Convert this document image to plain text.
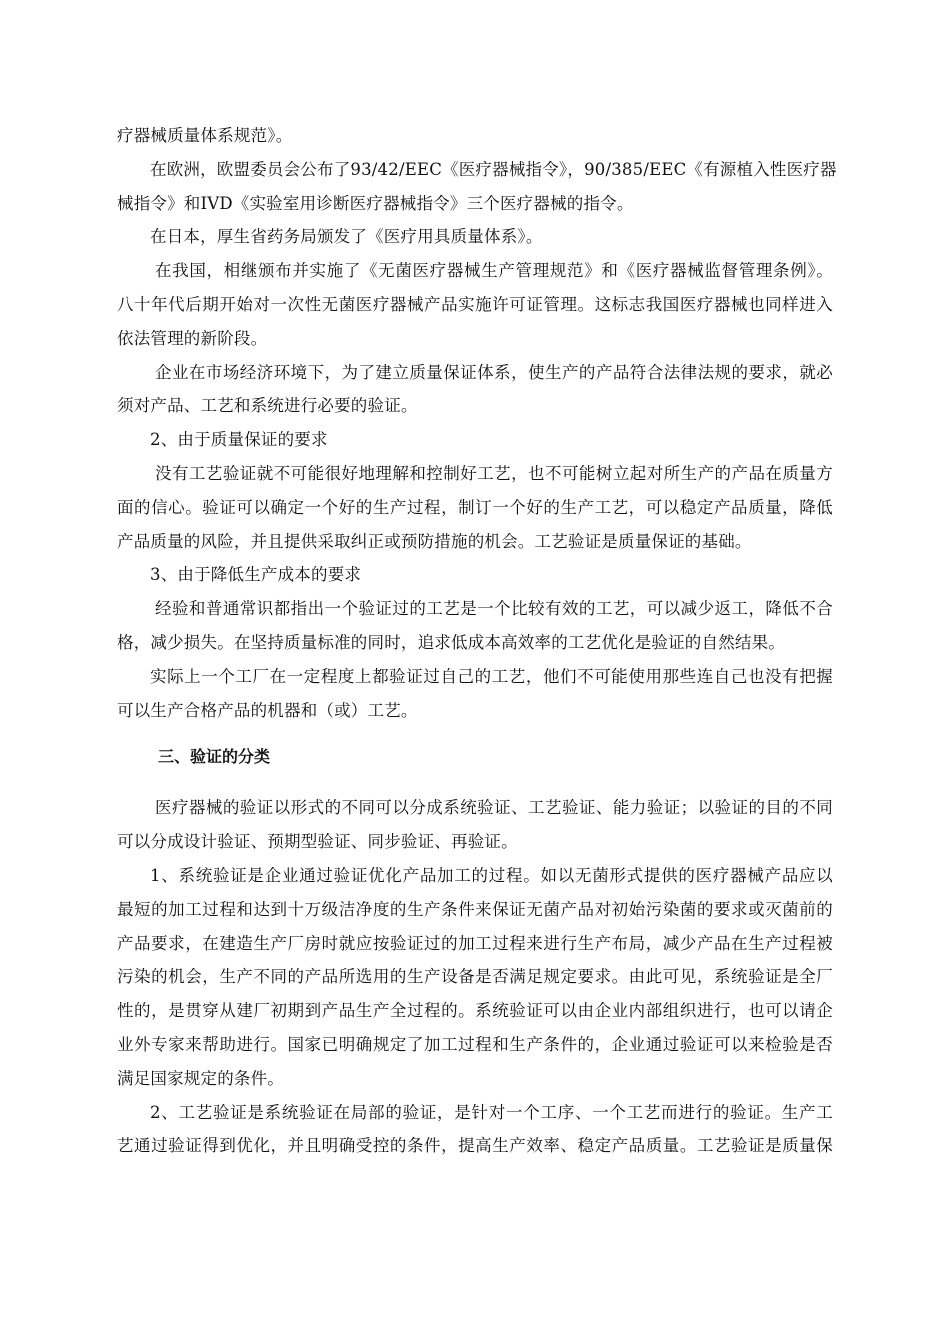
疗器械质量体系规范》。
在欧洲，欧盟委员会公布了93/42/EEC《医疗器械指令》，90/385/EEC《有源植入性医疗器
械指令》和IVD《实验室用诊断医疗器械指令》三个医疗器械的指令。
在日本，厚生省药务局颁发了《医疗用具质量体系》。
在我国，相继颁布并实施了《无菌医疗器械生产管理规范》和《医疗器械监督管理条例》。
八十年代后期开始对一次性无菌医疗器械产品实施许可证管理。这标志我国医疗器械也同样进入
依法管理的新阶段。
企业在市场经济环境下，为了建立质量保证体系，使生产的产品符合法律法规的要求，就必
须对产品、工艺和系统进行必要的验证。
2、由于质量保证的要求
没有工艺验证就不可能很好地理解和控制好工艺，也不可能树立起对所生产的产品在质量方
面的信心。验证可以确定一个好的生产过程，制订一个好的生产工艺，可以稳定产品质量，降低
产品质量的风险，并且提供采取纠正或预防措施的机会。工艺验证是质量保证的基础。
3、由于降低生产成本的要求
经验和普通常识都指出一个验证过的工艺是一个比较有效的工艺，可以减少返工，降低不合
格，减少损失。在坚持质量标准的同时，追求低成本高效率的工艺优化是验证的自然结果。
实际上一个工厂在一定程度上都验证过自己的工艺，他们不可能使用那些连自己也没有把握
可以生产合格产品的机器和（或）工艺。
三、验证的分类
医疗器械的验证以形式的不同可以分成系统验证、工艺验证、能力验证；以验证的目的不同
可以分成设计验证、预期型验证、同步验证、再验证。
1、系统验证是企业通过验证优化产品加工的过程。如以无菌形式提供的医疗器械产品应以
最短的加工过程和达到十万级洁净度的生产条件来保证无菌产品对初始污染菌的要求或灭菌前的
产品要求，在建造生产厂房时就应按验证过的加工过程来进行生产布局，减少产品在生产过程被
污染的机会，生产不同的产品所选用的生产设备是否满足规定要求。由此可见，系统验证是全厂
性的，是贯穿从建厂初期到产品生产全过程的。系统验证可以由企业内部组织进行，也可以请企
业外专家来帮助进行。国家已明确规定了加工过程和生产条件的，企业通过验证可以来检验是否
满足国家规定的条件。
2、工艺验证是系统验证在局部的验证，是针对一个工序、一个工艺而进行的验证。生产工
艺通过验证得到优化，并且明确受控的条件，提高生产效率、稳定产品质量。工艺验证是质量保
